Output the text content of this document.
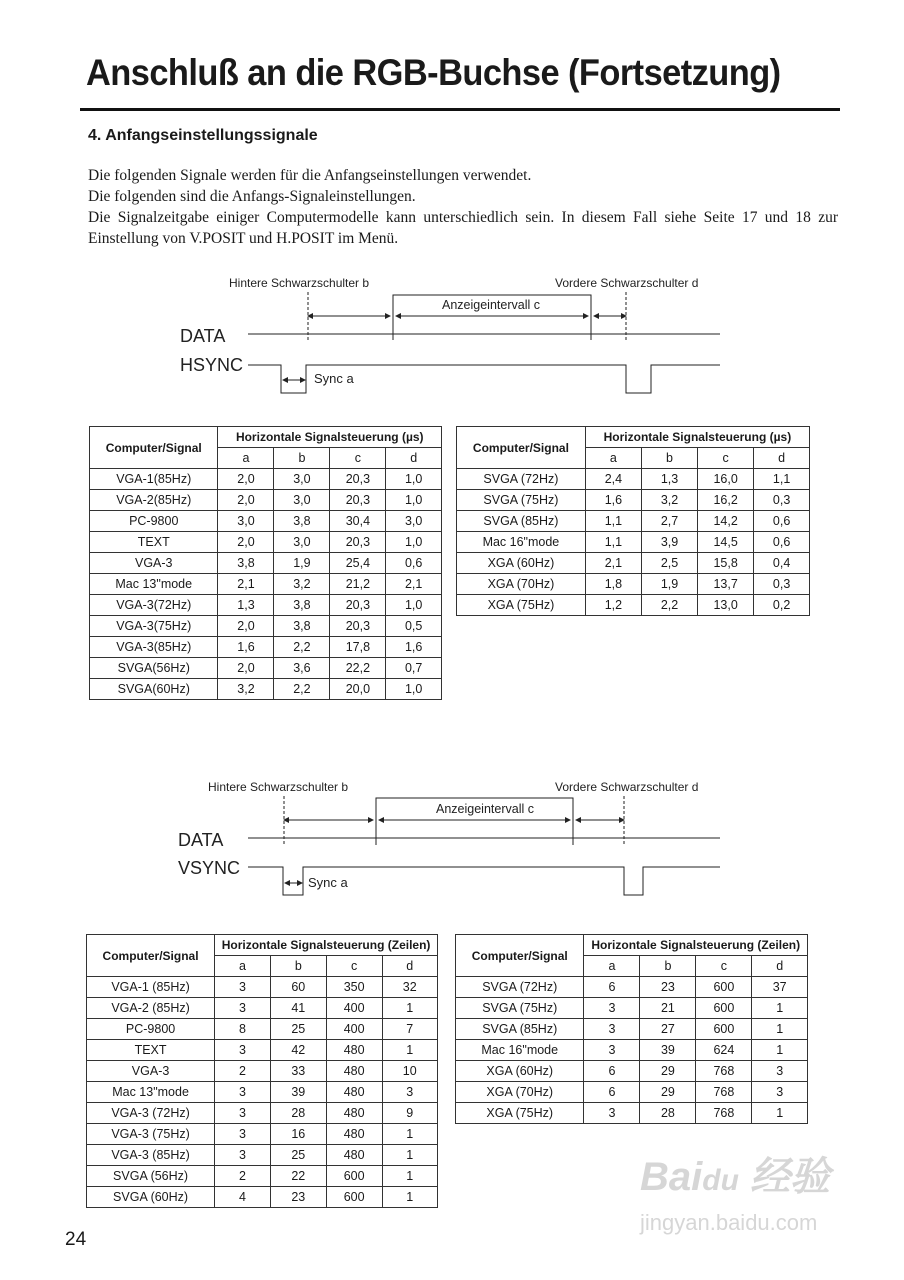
Anschluß an die RGB-Buchse (Fortsetzung)
4. Anfangseinstellungssignale

Die folgenden Signale werden für die Anfangseinstellungen verwendet.

Die folgenden sind die Anfangs-Signaleinstellungen.

Die Signalzeitgabe einiger Computermodelle kann unterschiedlich sein. In diesem Fall siehe Seite 17 und 18 zur Einstellung von V.POSIT und H.POSIT im Menü.

Hintere Schwarzschulter b	Vordere Schwarzschulter d
Anzeigeintervall c
DATA
HSYNC
Sync a
Hintere Schwarzschulter b	Vordere Schwarzschulter d
Anzeigeintervall c
DATA
VSYNC
Sync a
Computer/Signal	Horizontale Signalsteuerung (µs)			
	a	b	c	d
VGA-1(85Hz)	2,0	3,0	20,3	1,0
VGA-2(85Hz)	2,0	3,0	20,3	1,0
PC-9800	3,0	3,8	30,4	3,0
TEXT	2,0	3,0	20,3	1,0
VGA-3	3,8	1,9	25,4	0,6
Mac 13"mode	2,1	3,2	21,2	2,1
VGA-3(72Hz)	1,3	3,8	20,3	1,0
VGA-3(75Hz)	2,0	3,8	20,3	0,5
VGA-3(85Hz)	1,6	2,2	17,8	1,6
SVGA(56Hz)	2,0	3,6	22,2	0,7
SVGA(60Hz)	3,2	2,2	20,0	1,0
Computer/Signal	Horizontale Signalsteuerung (µs)			
	a	b	c	d
SVGA (72Hz)	2,4	1,3	16,0	1,1
SVGA (75Hz)	1,6	3,2	16,2	0,3
SVGA (85Hz)	1,1	2,7	14,2	0,6
Mac 16"mode	1,1	3,9	14,5	0,6
XGA (60Hz)	2,1	2,5	15,8	0,4
XGA (70Hz)	1,8	1,9	13,7	0,3
XGA (75Hz)	1,2	2,2	13,0	0,2
Computer/Signal	Horizontale Signalsteuerung (Zeilen)			
	a	b	c	d
VGA-1 (85Hz)	3	60	350	32
VGA-2 (85Hz)	3	41	400	1
PC-9800	8	25	400	7
TEXT	3	42	480	1
VGA-3	2	33	480	10
Mac 13"mode	3	39	480	3
VGA-3 (72Hz)	3	28	480	9
VGA-3 (75Hz)	3	16	480	1
VGA-3 (85Hz)	3	25	480	1
SVGA (56Hz)	2	22	600	1
SVGA (60Hz)	4	23	600	1
Computer/Signal	Horizontale Signalsteuerung (Zeilen)			
	a	b	c	d
SVGA (72Hz)	6	23	600	37
SVGA (75Hz)	3	21	600	1
SVGA (85Hz)	3	27	600	1
Mac 16"mode	3	39	624	1
XGA (60Hz)	6	29	768	3
XGA (70Hz)	6	29	768	3
XGA (75Hz)	3	28	768	1
24
Baidu 经验
jingyan.baidu.com
